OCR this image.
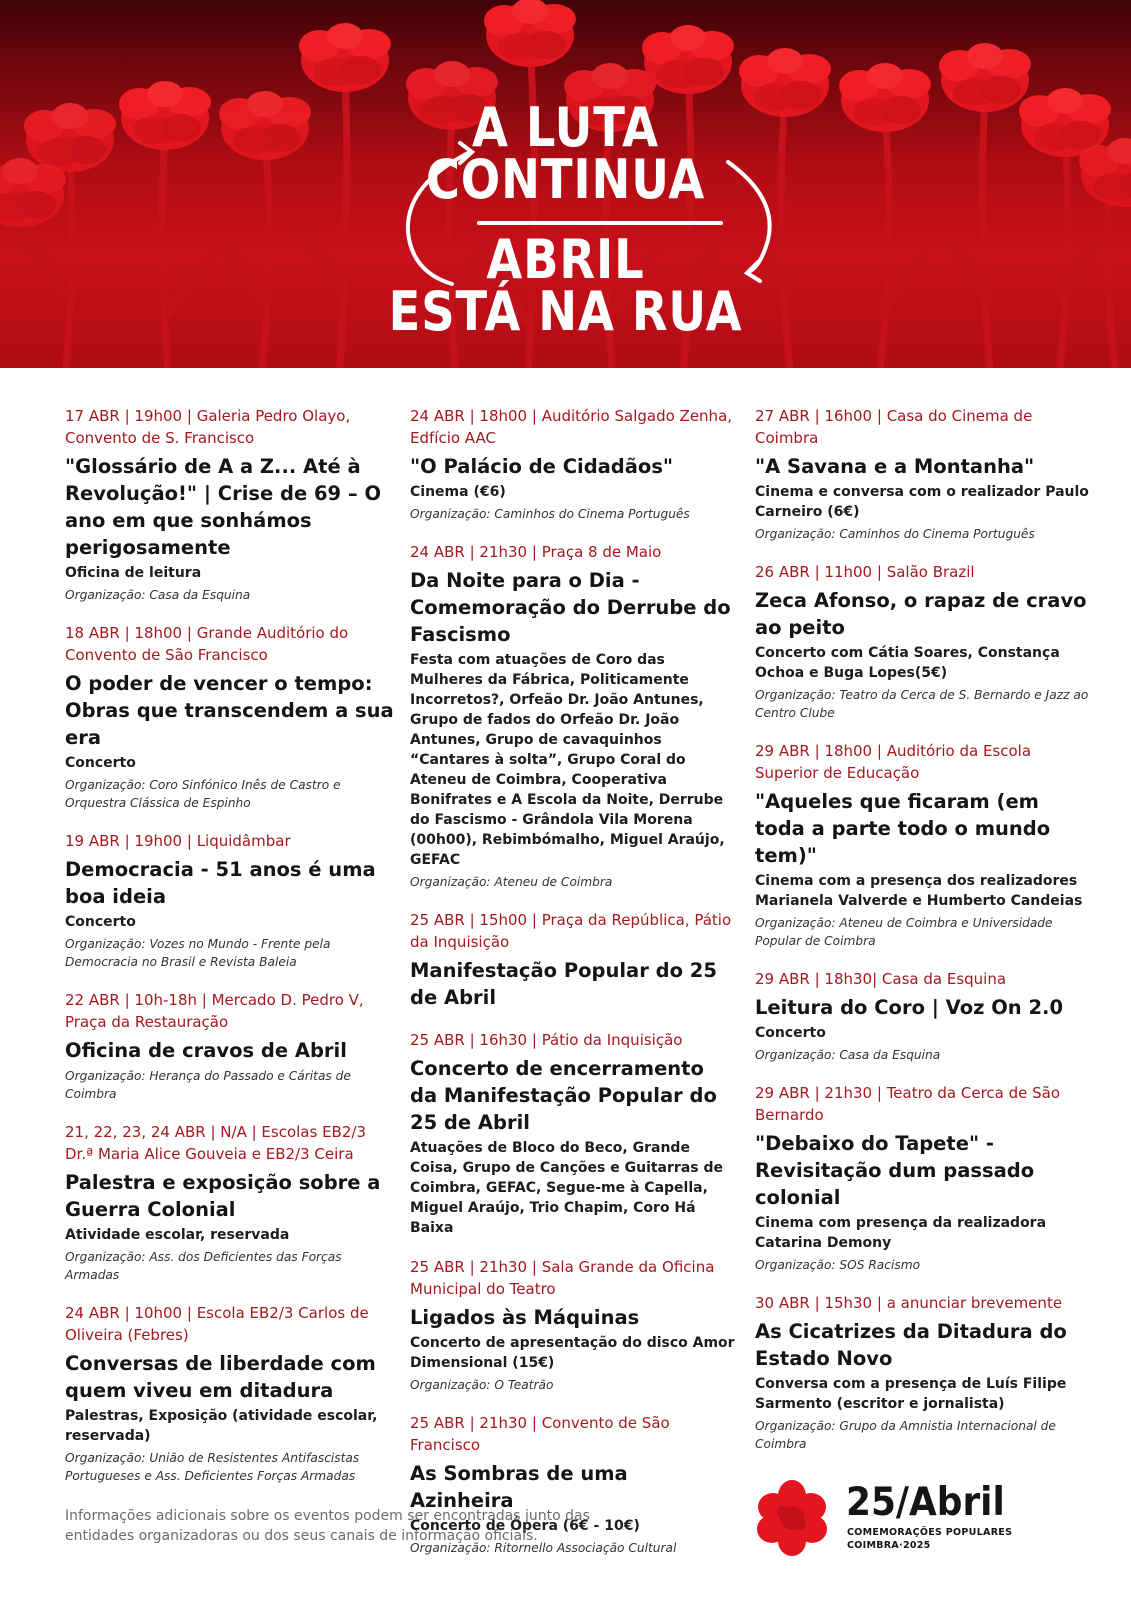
A LUTA
CONTINUA
ABRIL
ESTÁ NA RUA

17 ABR | 19h00 | Galeria Pedro Olayo, Convento de S. Francisco

"Glossário de A a Z... Até à Revolução!" | Crise de 69 – O ano em que sonhámos perigosamente

Oficina de leitura

Organização: Casa da Esquina

18 ABR | 18h00 | Grande Auditório do Convento de São Francisco

O poder de vencer o tempo: Obras que transcendem a sua era

Concerto

Organização: Coro Sinfónico Inês de Castro e Orquestra Clássica de Espinho

19 ABR | 19h00 | Liquidâmbar

Democracia - 51 anos é uma boa ideia

Concerto

Organização: Vozes no Mundo - Frente pela Democracia no Brasil e Revista Baleia

22 ABR | 10h-18h | Mercado D. Pedro V, Praça da Restauração

Oficina de cravos de Abril

Organização: Herança do Passado e Cáritas de Coimbra

21, 22, 23, 24 ABR | N/A | Escolas EB2/3 Dr.ª Maria Alice Gouveia e EB2/3 Ceira

Palestra e exposição sobre a Guerra Colonial

Atividade escolar, reservada

Organização: Ass. dos Deficientes das Forças Armadas

24 ABR | 10h00 | Escola EB2/3 Carlos de Oliveira (Febres)

Conversas de liberdade com quem viveu em ditadura

Palestras, Exposição (atividade escolar, reservada)

Organização: União de Resistentes Antifascistas Portugueses e Ass. Deficientes Forças Armadas

24 ABR | 18h00 | Auditório Salgado Zenha, Edfício AAC

"O Palácio de Cidadãos"

Cinema (€6)

Organização: Caminhos do Cinema Português

24 ABR | 21h30 | Praça 8 de Maio

Da Noite para o Dia - Comemoração do Derrube do Fascismo

Festa com atuações de Coro das Mulheres da Fábrica, Politicamente Incorretos?, Orfeão Dr. João Antunes, Grupo de fados do Orfeão Dr. João Antunes, Grupo de cavaquinhos “Cantares à solta”, Grupo Coral do Ateneu de Coimbra, Cooperativa Bonifrates e A Escola da Noite, Derrube do Fascismo - Grândola Vila Morena (00h00), Rebimbómalho, Miguel Araújo, GEFAC

Organização: Ateneu de Coimbra

25 ABR | 15h00 | Praça da República, Pátio da Inquisição

Manifestação Popular do 25 de Abril

25 ABR | 16h30 | Pátio da Inquisição

Concerto de encerramento da Manifestação Popular do 25 de Abril

Atuações de Bloco do Beco, Grande Coisa, Grupo de Canções e Guitarras de Coimbra, GEFAC, Segue-me à Capella, Miguel Araújo, Trio Chapim, Coro Há Baixa

25 ABR | 21h30 | Sala Grande da Oficina Municipal do Teatro

Ligados às Máquinas

Concerto de apresentação do disco Amor Dimensional (15€)

Organização: O Teatrão

25 ABR | 21h30 | Convento de São Francisco

As Sombras de uma Azinheira

Concerto de Ópera (6€ - 10€)

Organização: Ritornello Associação Cultural

27 ABR | 16h00 | Casa do Cinema de Coimbra

"A Savana e a Montanha"

Cinema e conversa com o realizador Paulo Carneiro (6€)

Organização: Caminhos do Cinema Português

26 ABR | 11h00 | Salão Brazil

Zeca Afonso, o rapaz de cravo ao peito

Concerto com Cátia Soares, Constança Ochoa e Buga Lopes(5€)

Organização: Teatro da Cerca de S. Bernardo e Jazz ao Centro Clube

29 ABR | 18h00 | Auditório da Escola Superior de Educação

"Aqueles que ficaram (em toda a parte todo o mundo tem)"

Cinema com a presença dos realizadores Marianela Valverde e Humberto Candeias

Organização: Ateneu de Coimbra e Universidade Popular de Coimbra

29 ABR | 18h30| Casa da Esquina

Leitura do Coro | Voz On 2.0

Concerto

Organização: Casa da Esquina

29 ABR | 21h30 | Teatro da Cerca de São Bernardo

"Debaixo do Tapete" - Revisitação dum passado colonial

Cinema com presença da realizadora Catarina Demony

Organização: SOS Racismo

30 ABR | 15h30 | a anunciar brevemente

As Cicatrizes da Ditadura do Estado Novo

Conversa com a presença de Luís Filipe Sarmento (escritor e jornalista)

Organização: Grupo da Amnistia Internacional de Coimbra

Informações adicionais sobre os eventos podem ser encontradas junto das entidades organizadoras ou dos seus canais de informação oficiais.
25/Abril
COMEMORAÇÕES POPULARES
COIMBRA·2025
